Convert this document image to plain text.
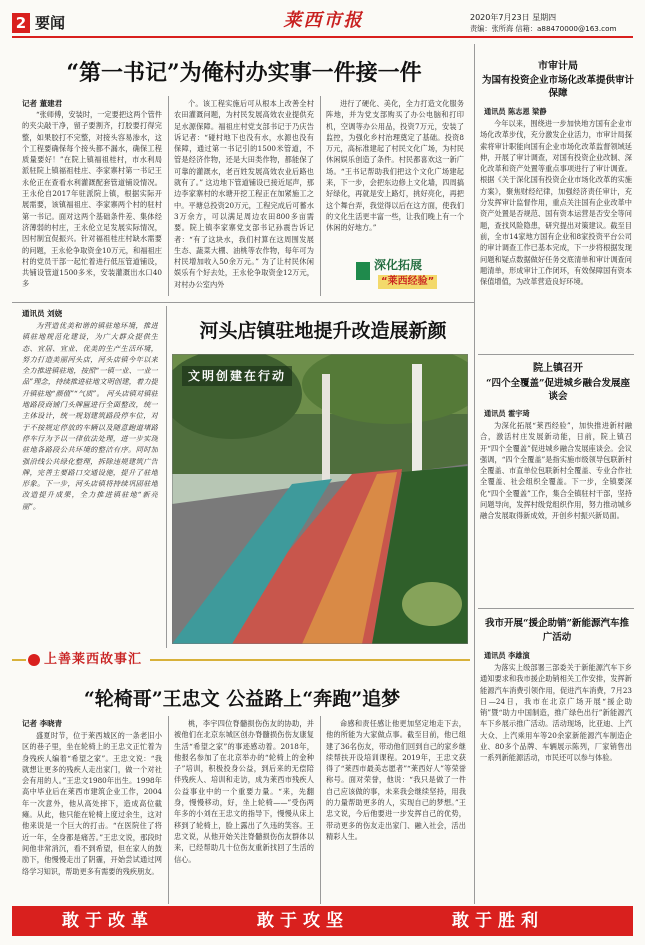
2 要闻	莱西市报	2020年7月23日 星期四
责编：张所海 信箱：a88470000@163.com
“第一书记”为俺村办实事一件接一件
记者 董建君

“张师傅，安装时，一定要把这两个管件的夹尖敲干净，留子要割齐，打胶要打得完整，如果胶打不完整，对接头容易渗水，这个工程要确保每个接头都不漏水，确保工程质量要好！”在院上镇福祖桂村，市水利局派驻院上镇福祖桂庄、李家寨村第一书记王永伦正在查看水利灌溉配套管道铺设情况。王永伦自2017年驻派院上镇，根据实际开展需要，该镇福祖庄、李家寨两个村的驻村第一书记。面对这两个基础条件差、集体经济薄弱的村庄，王永伦立足发展实际情况，因村制宜促振兴。针对福祖桂庄村缺水需要的问题，王永伦争取资金10万元，和福祖庄村的党员干部一起忙着进行低压管道铺设，共铺设管道1500多米，安装灌溉出水口40多

个。该工程实施后可从根本上改善全村农田灌溉问题，为村民发展高效农业提供充足水源保障。福祖庄村党支部书记于乃庆告诉记者：“碰村地下也没有水，水源也没有保障，通过第一书记引的1500米管道，不管是经济作物，还是大田类作物，都能保了可靠的灌溉水，老百姓发展高效农业后路也就有了。” 这边地下管道铺设已接近尾声，那边李家寨村的水塘开挖工程正在加紧施工之中。平塘总投资20万元，工程完成后可蓄水3万余方，可以满足周边农田800多亩需要。院上镇李家寨党支部书记孙震告诉记者：“有了这块水，我们村算在这周围发展生态、蔬菜大棚、油桃等农作物，每年可为村民增加收入50余万元。” 为了让村民休闲娱乐有个好去处，王永伦争取资金12万元，对村办公室内外

进行了硬化、美化，全力打造文化服务阵地，并为党支部购买了办公电脑和打印机，空调等办公用品，投资7万元，安装了监控，为强化乡村治理奠定了基础。投资8万元，高标准建起了村民文化广场，为村民休闲娱乐创造了条件。村民都喜欢这一新广场。“王书记帮助我们把这个文化广场建起来，下一步，会把东边修上文化墙，四周搞好绿化，再就是安上路灯，挑好亮化，再把这个舞台弄，我觉得以后在这方面，使我们的文化生活更丰富一些，让我们晚上有一个休闲的好地方。”

深化拓展
“莱西经验”
通讯员 刘娆

为营造优美和谐的镇驻地环境，推进镇驻地规范化建设，为广大群众提供生态、宜居、宜业、优美的生产生活环境，努力打造美丽河头店，河头店镇今年以来全力推进镇驻地，按照“一镇一业、一业一品”理念，持续推进驻地文明创建，着力提升镇驻地“颜值”“气质”。 河头店镇对镇驻地路段商铺门头牌匾进行全面整改，统一主体设计，统一规划建筑路段停车位，对于不按规定停放的车辆以及随意跑道堵路停车行为予以一律依法处理，进一步实现驻地各路段公共环境的整洁有序。同时加强沿线公共绿化整理，拆除违规建筑广告牌，完善主要路口交通设施，提升了驻地形象。下一步，河头店镇将持续巩固驻地改造提升成果，全力推进镇驻地“新亮丽”。

河头店镇驻地提升改造展新颜
文明创建在行动
市审计局
为国有投资企业市场化改革提供审计保障
通讯员 陈志恩 梁静

今年以来，围绕进一步加快地方国有企业市场化改革步伐，充分激发企业活力，市审计局探索将审计职能向国有企业市场化改革监督领域延伸，开展了审计调查，对国有投资企业改制、深化改革和资产处置等重点事项进行了审计调查。根据《关于深化国有投资企业市场化改革的实施方案》，聚焦财经纪律，加强经济责任审计，充分发挥审计监督作用，重点关注国有企业改革中资产处置是否规范、国有资本运营是否安全等问题，查找风险隐患，研究提出对策建议。截至目前，全市14家地方国有企业和8家投资平台公司的审计调查工作已基本完成，下一步将根据发现问题和疑点数据做好任务交底清单和审计调查问题清单，形成审计工作闭环，有效保障国有资本保值增值，为改革营造良好环境。

院上镇召开
“四个全覆盖”促进城乡融合发展座谈会
通讯员 霍宇琦

为深化拓展“莱西经验”，加快推进新村融合，激活村庄发展新动能，日前，院上镇召开“四个全覆盖”促进城乡融合发展座谈会。会议强调，“四个全覆盖”是指实施市级领导包联新村全覆盖、市直单位包联新村全覆盖、专业合作社全覆盖、社会组织全覆盖。下一步，全镇要深化“四个全覆盖”工作，集合全镇驻村干部，坚持问题导向，发挥村级党组织作用，努力推动城乡融合发展取得新成效，开创乡村振兴新局面。

我市开展“援企助销”新能源汽车推广活动
通讯员 李雄演

为落实上级部署三部委关于新能源汽车下乡通知要求和我市援企助销相关工作安排，发挥新能源汽车消费引领作用，促进汽车消费，7月23日—24日，我市在北京广场开展“援企助销”暨“助力中国制造，推广绿色出行”新能源汽车下乡展示推广活动。活动现场，比亚迪、上汽大众、上汽乘用车等20余家新能源汽车制造企业、80多个品牌、车辆展示陈列，厂家销售出一系列新能源活动，市民还可以参与体验。

上善莱西故事汇
“轮椅哥”王忠文 公益路上“奔跑”追梦
记者 李晓青

盛夏时节，位于莱西城区的一条老旧小区的巷子里，坐在轮椅上的王忠文正忙着为身残疾人编着“希望之家”。王忠文说：“我就想让更多的残疾人走出家门，做一个对社会有用的人。”王忠文1980年出生。1998年高中毕业后在莱西市建筑企业工作，2004年一次意外，他从高处摔下，造成高位截瘫。从此，他只能在轮椅上度过余生，这对他来说是一个巨大的打击。“在医院住了将近一年，全身都是痛苦。”王忠文说，那段时间他非常消沉，看不到希望，但在家人的鼓励下，他慢慢走出了阴霾，开始尝试通过网络学习知识，帮助更多有需要的残疾朋友。

桃，李宇四位脊髓损伤伤友的协助，并被他们在北京东城区创办脊髓损伤伤友康复生活“希望之家”的事迹感动着。2018年，他报名参加了在北京举办的“轮椅上的金种子”培训，积极投身公益，到后来的无偿陪伴残疾人、培训和走访，成为莱西市残疾人公益事业中的一个重要力量。“来，先翻身，慢慢移动，好，坐上轮椅——”受伤两年多的小刘在王忠文的指导下，慢慢从床上移到了轮椅上，脸上露出了久违的笑容。王忠文说，从他开始关注脊髓损伤伤友群体以来，已经帮助几十位伤友重新找回了生活的信心。

命感和责任感让他更加坚定地走下去，他的所能为大家做点事。截至目前，他已组建了36名伤友，带动他们回到自己的家乡继续帮扶开设培训课程。2019年，王忠文获得了“莱西市最美志愿者”“莱西好人”等荣誉称号。面对荣誉，他说：“我只是做了一件自己应该做的事，未来我会继续坚持，用我的力量帮助更多的人，实现自己的梦想。”王忠文说，今后他要进一步发挥自己的优势，带动更多的伤友走出家门、融入社会，活出精彩人生。

敢于改革	敢于攻坚	敢于胜利
